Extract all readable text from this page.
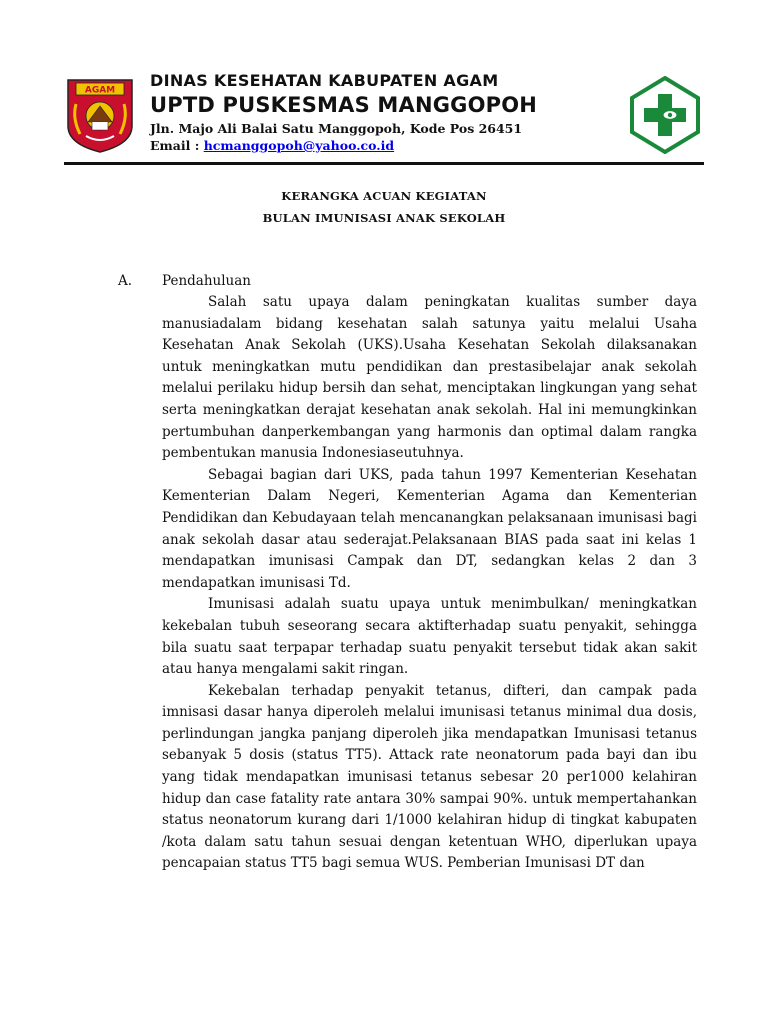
AGAM
DINAS KESEHATAN KABUPATEN AGAM
UPTD PUSKESMAS MANGGOPOH
Jln. Majo Ali Balai Satu Manggopoh, Kode Pos 26451
Email : hcmanggopoh@yahoo.co.id
KERANGKA ACUAN KEGIATAN
BULAN IMUNISASI ANAK SEKOLAH
A. Pendahuluan

Salah satu upaya dalam peningkatan kualitas sumber daya manusiadalam bidang kesehatan salah satunya yaitu melalui Usaha Kesehatan Anak Sekolah (UKS).Usaha Kesehatan Sekolah dilaksanakan untuk meningkatkan mutu pendidikan dan prestasibelajar anak sekolah melalui perilaku hidup bersih dan sehat, menciptakan lingkungan yang sehat serta meningkatkan derajat kesehatan anak sekolah. Hal ini memungkinkan pertumbuhan danperkembangan yang harmonis dan optimal dalam rangka pembentukan manusia Indonesiaseutuhnya.

Sebagai bagian dari UKS, pada tahun 1997 Kementerian Kesehatan Kementerian Dalam Negeri, Kementerian Agama dan Kementerian Pendidikan dan Kebudayaan telah mencanangkan pelaksanaan imunisasi bagi anak sekolah dasar atau sederajat.Pelaksanaan BIAS pada saat ini kelas 1 mendapatkan imunisasi Campak dan DT, sedangkan kelas 2 dan 3 mendapatkan imunisasi Td.

Imunisasi adalah suatu upaya untuk menimbulkan/ meningkatkan kekebalan tubuh seseorang secara aktifterhadap suatu penyakit, sehingga bila suatu saat terpapar terhadap suatu penyakit tersebut tidak akan sakit atau hanya mengalami sakit ringan.

Kekebalan terhadap penyakit tetanus, difteri, dan campak pada imnisasi dasar hanya diperoleh melalui imunisasi tetanus minimal dua dosis, perlindungan jangka panjang diperoleh jika mendapatkan Imunisasi tetanus sebanyak 5 dosis (status TT5). Attack rate neonatorum pada bayi dan ibu yang tidak mendapatkan imunisasi tetanus sebesar 20 per1000 kelahiran hidup dan case fatality rate antara 30% sampai 90%. untuk mempertahankan status neonatorum kurang dari 1/1000 kelahiran hidup di tingkat kabupaten /kota dalam satu tahun sesuai dengan ketentuan WHO, diperlukan upaya pencapaian status TT5 bagi semua WUS. Pemberian Imunisasi DT dan
